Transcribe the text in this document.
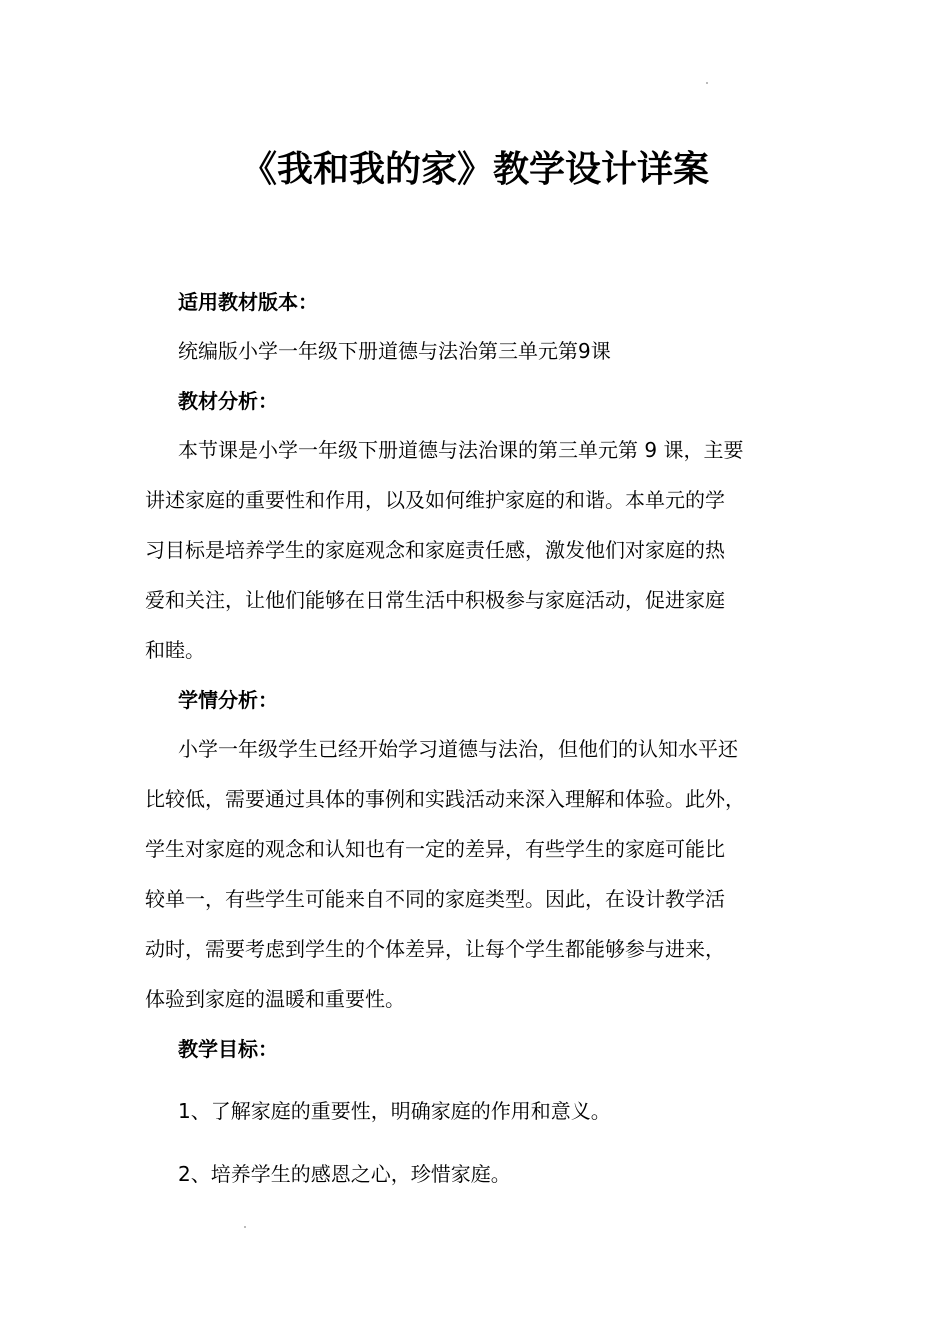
《我和我的家》教学设计详案
适用教材版本：
统编版小学一年级下册道德与法治第三单元第9课
教材分析：
本节课是小学一年级下册道德与法治课的第三单元第 9 课，主要
讲述家庭的重要性和作用，以及如何维护家庭的和谐。本单元的学
习目标是培养学生的家庭观念和家庭责任感，激发他们对家庭的热
爱和关注，让他们能够在日常生活中积极参与家庭活动，促进家庭
和睦。
学情分析：
小学一年级学生已经开始学习道德与法治，但他们的认知水平还
比较低，需要通过具体的事例和实践活动来深入理解和体验。此外，
学生对家庭的观念和认知也有一定的差异，有些学生的家庭可能比
较单一，有些学生可能来自不同的家庭类型。因此，在设计教学活
动时，需要考虑到学生的个体差异，让每个学生都能够参与进来，
体验到家庭的温暖和重要性。
教学目标：
1、了解家庭的重要性，明确家庭的作用和意义。
2、培养学生的感恩之心，珍惜家庭。
